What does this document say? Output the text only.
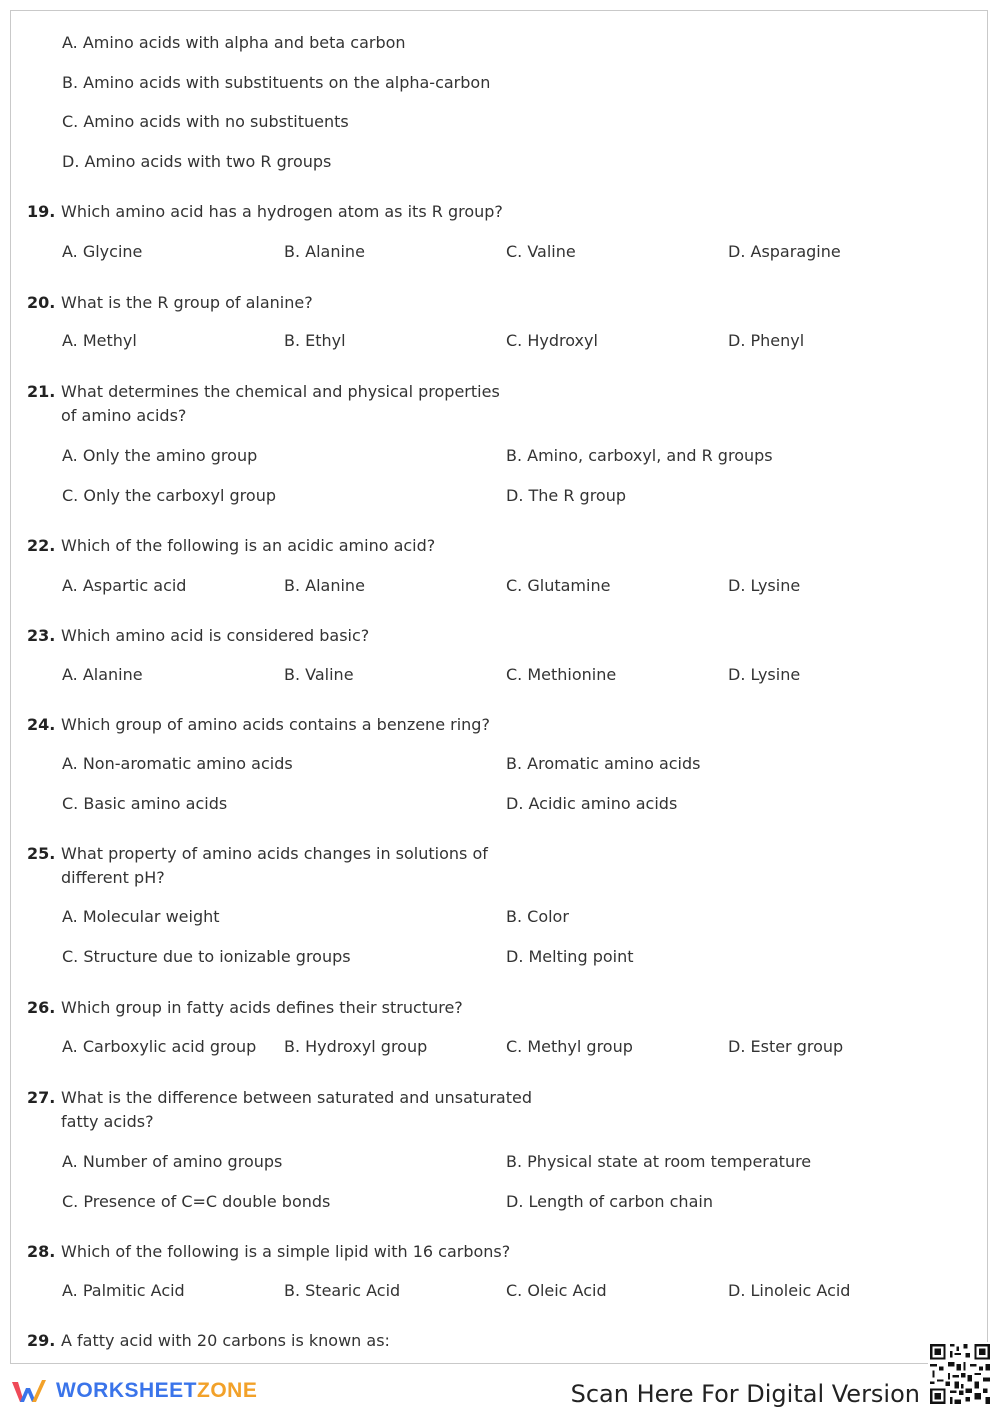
A. Amino acids with alpha and beta carbon
B. Amino acids with substituents on the alpha-carbon
C. Amino acids with no substituents
D. Amino acids with two R groups
19. Which amino acid has a hydrogen atom as its R group?
A. Glycine	B. Alanine	C. Valine	D. Asparagine
20. What is the R group of alanine?
A. Methyl	B. Ethyl	C. Hydroxyl	D. Phenyl
21. What determines the chemical and physical properties
of amino acids?
A. Only the amino group	B. Amino, carboxyl, and R groups
C. Only the carboxyl group	D. The R group
22. Which of the following is an acidic amino acid?
A. Aspartic acid	B. Alanine	C. Glutamine	D. Lysine
23. Which amino acid is considered basic?
A. Alanine	B. Valine	C. Methionine	D. Lysine
24. Which group of amino acids contains a benzene ring?
A. Non-aromatic amino acids	B. Aromatic amino acids
C. Basic amino acids	D. Acidic amino acids
25. What property of amino acids changes in solutions of
different pH?
A. Molecular weight	B. Color
C. Structure due to ionizable groups	D. Melting point
26. Which group in fatty acids defines their structure?
A. Carboxylic acid group B. Hydroxyl group	C. Methyl group	D. Ester group
27. What is the difference between saturated and unsaturated
fatty acids?
A. Number of amino groups	B. Physical state at room temperature
C. Presence of C=C double bonds	D. Length of carbon chain
28. Which of the following is a simple lipid with 16 carbons?
A. Palmitic Acid	B. Stearic Acid	C. Oleic Acid	D. Linoleic Acid
29. A fatty acid with 20 carbons is known as:
WORKSHEETZONE	Scan Here For Digital Version
